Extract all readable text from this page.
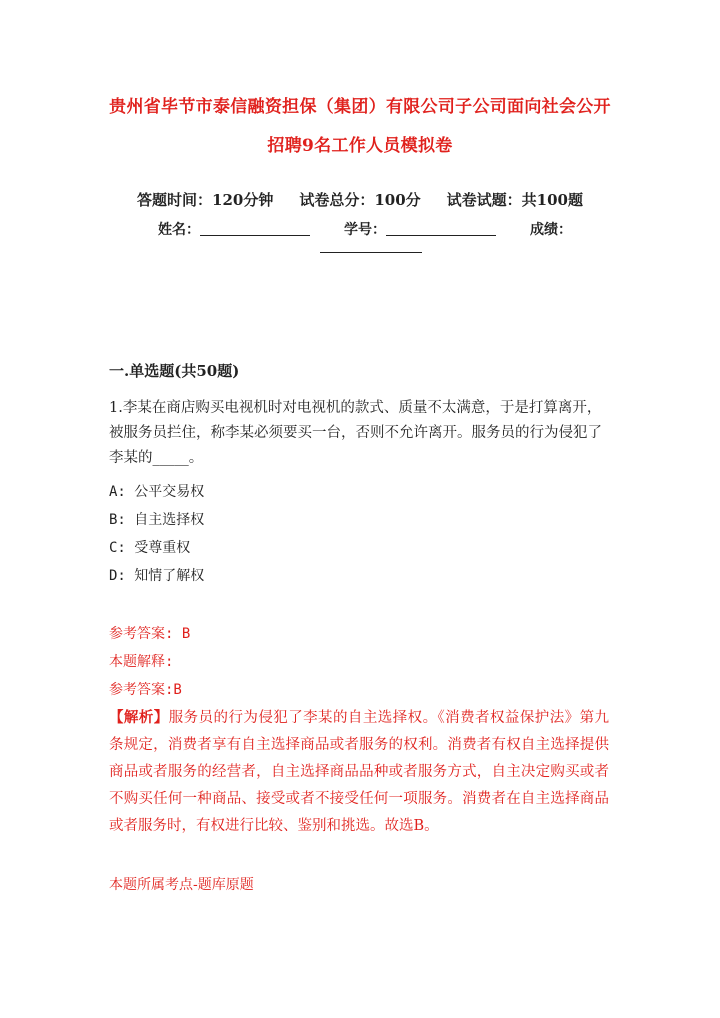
贵州省毕节市泰信融资担保（集团）有限公司子公司面向社会公开
招聘9名工作人员模拟卷
答题时间：120分钟 试卷总分：100分 试卷试题：共100题
姓名：	学号：	成绩：
一.单选题(共50题)
1.李某在商店购买电视机时对电视机的款式、质量不太满意，于是打算离开，被服务员拦住，称李某必须要买一台，否则不允许离开。服务员的行为侵犯了李某的_____。
A: 公平交易权
B: 自主选择权
C: 受尊重权
D: 知情了解权
参考答案: B
本题解释:
参考答案:B
【解析】服务员的行为侵犯了李某的自主选择权。《消费者权益保护法》第九条规定，消费者享有自主选择商品或者服务的权利。消费者有权自主选择提供商品或者服务的经营者，自主选择商品品种或者服务方式，自主决定购买或者不购买任何一种商品、接受或者不接受任何一项服务。消费者在自主选择商品或者服务时，有权进行比较、鉴别和挑选。故选B。
本题所属考点-题库原题
